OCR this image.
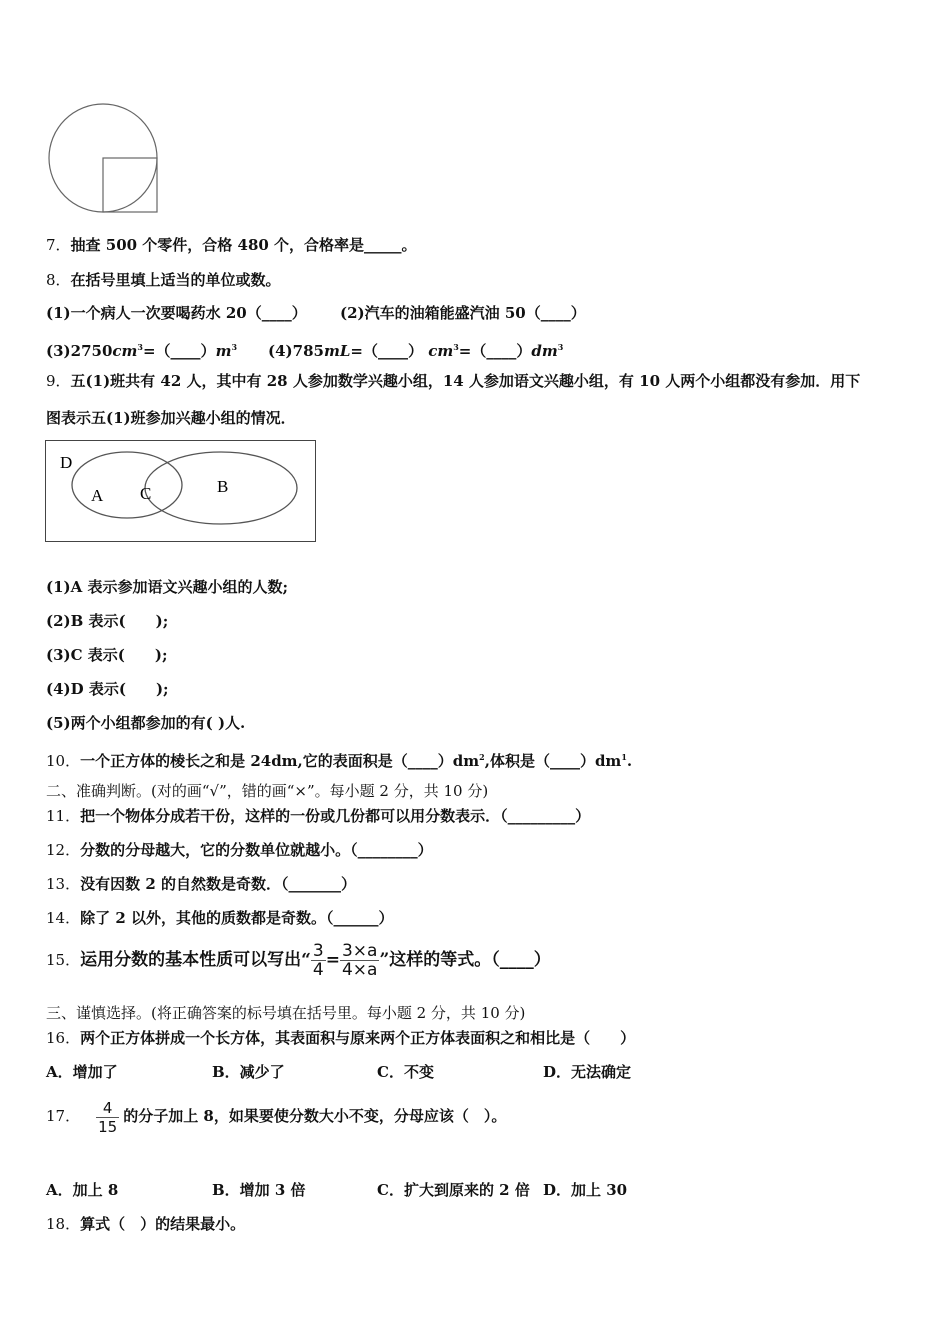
7．抽查 500 个零件，合格 480 个，合格率是_____。
8．在括号里填上适当的单位或数。
(1)一个病人一次要喝药水 20（____） (2)汽车的油箱能盛汽油 50（____）
$(3)2750cm^3=(\_\_\_\_)m^3$ (4)785mL=（____） $cm^3=(\_\_\_\_)dm^3$
9．五(1)班共有 42 人，其中有 28 人参加数学兴趣小组，14 人参加语文兴趣小组，有 10 人两个小组都没有参加．用下
图表示五(1)班参加兴趣小组的情况．
D
A C	B
(1)A 表示参加语文兴趣小组的人数;
(2)B 表示(　　);
(3)C 表示(　　);
(4)D 表示(　　);
(5)两个小组都参加的有( )人.
10．一个正方体的棱长之和是 24dm,它的表面积是$(\_\_\_\_)dm^2$,体积是$(\_\_\_\_)dm^1$.
二、准确判断。(对的画“√”，错的画“×”。每小题 2 分，共 10 分)
11．把一个物体分成若干份，这样的一份或几份都可以用分数表示．（_________）
12．分数的分母越大，它的分数单位就越小。（________）
13．没有因数 2 的自然数是奇数．（_______）
14．除了 2 以外，其他的质数都是奇数。（______）
15．运用分数的基本性质可以写出“ $\frac{3}{4} = \frac{3\times a}{4\times a}$ ”这样的等式。（____）
三、谨慎选择。(将正确答案的标号填在括号里。每小题 2 分，共 10 分)
16．两个正方体拼成一个长方体，其表面积与原来两个正方体表面积之和相比是（　　）
A．增加了	B．减少了	C．不变	D．无法确定
17． $\frac{4}{15}$ 的分子加上 8，如果要使分数大小不变，分母应该（　）。
A．加上 8	B．增加 3 倍	C．扩大到原来的 2 倍 D．加上 30
18．算式（　）的结果最小。
